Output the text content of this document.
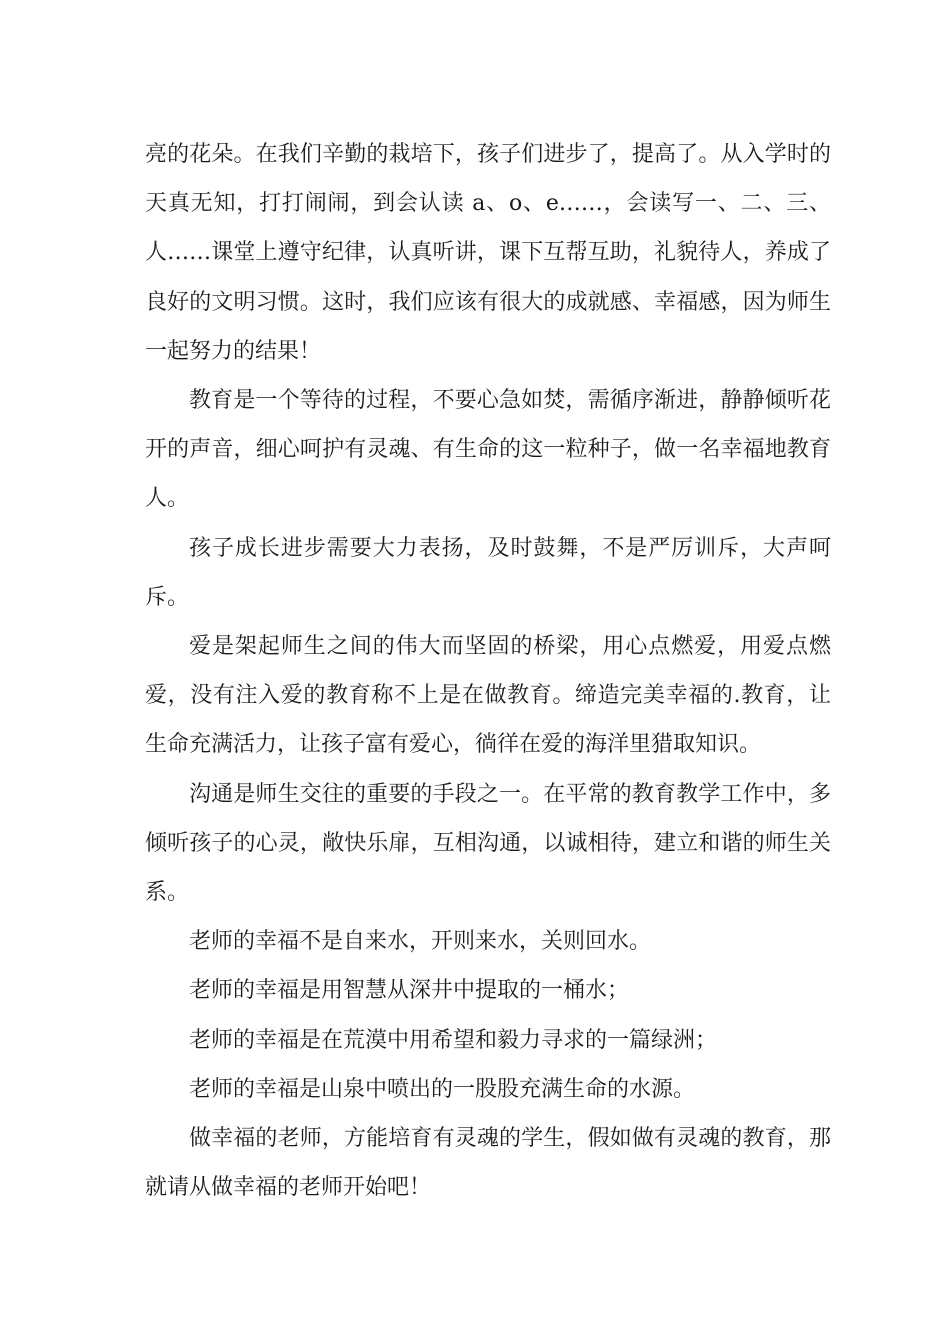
亮的花朵。在我们辛勤的栽培下，孩子们进步了，提高了。从入学时的天真无知，打打闹闹，到会认读 a、o、e……，会读写一、二、三、人……课堂上遵守纪律，认真听讲，课下互帮互助，礼貌待人，养成了良好的文明习惯。这时，我们应该有很大的成就感、幸福感，因为师生一起努力的结果！

教育是一个等待的过程，不要心急如焚，需循序渐进，静静倾听花开的声音，细心呵护有灵魂、有生命的这一粒种子，做一名幸福地教育人。

孩子成长进步需要大力表扬，及时鼓舞，不是严厉训斥，大声呵斥。

爱是架起师生之间的伟大而坚固的桥梁，用心点燃爱，用爱点燃爱，没有注入爱的教育称不上是在做教育。缔造完美幸福的.教育，让生命充满活力，让孩子富有爱心，徜徉在爱的海洋里猎取知识。

沟通是师生交往的重要的手段之一。在平常的教育教学工作中，多倾听孩子的心灵，敞快乐扉，互相沟通，以诚相待，建立和谐的师生关系。

老师的幸福不是自来水，开则来水，关则回水。

老师的幸福是用智慧从深井中提取的一桶水；

老师的幸福是在荒漠中用希望和毅力寻求的一篇绿洲；

老师的幸福是山泉中喷出的一股股充满生命的水源。

做幸福的老师，方能培育有灵魂的学生，假如做有灵魂的教育，那就请从做幸福的老师开始吧！
